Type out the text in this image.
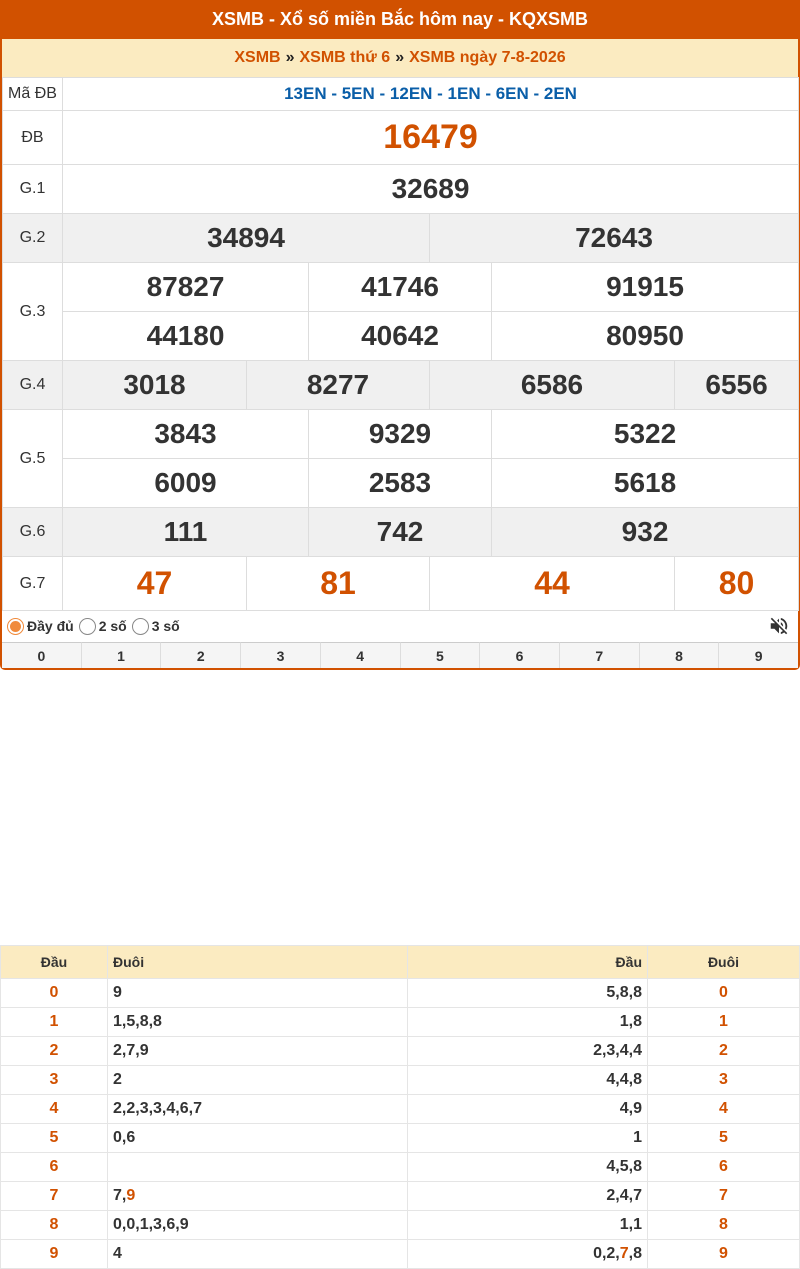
XSMB - Xổ số miền Bắc hôm nay - KQXSMB
XSMB » XSMB thứ 6 » XSMB ngày 7-8-2026
Mã ĐB	13EN - 5EN - 12EN - 1EN - 6EN - 2EN					
ĐB	16479					
G.1	32689					
G.2	34894			72643		
G.3	87827		41746		91915	
	44180		40642		80950	
G.4	3018	8277		6586		6556
G.5	3843		9329		5322	
	6009		2583		5618	
G.6	111		742		932	
G.7	47	81		44		80
Đầy đủ 2 số 3 số
0	1	2	3	4	5	6	7	8	9
Đầu	Đuôi	Đầu	Đuôi
0	9	5,8,8	0
1	1,5,8,8	1,8	1
2	2,7,9	2,3,4,4	2
3	2	4,4,8	3
4	2,2,3,3,4,6,7	4,9	4
5	0,6	1	5
6		4,5,8	6
7	7,9	2,4,7	7
8	0,0,1,3,6,9	1,1	8
9	4	0,2,7,8	9
